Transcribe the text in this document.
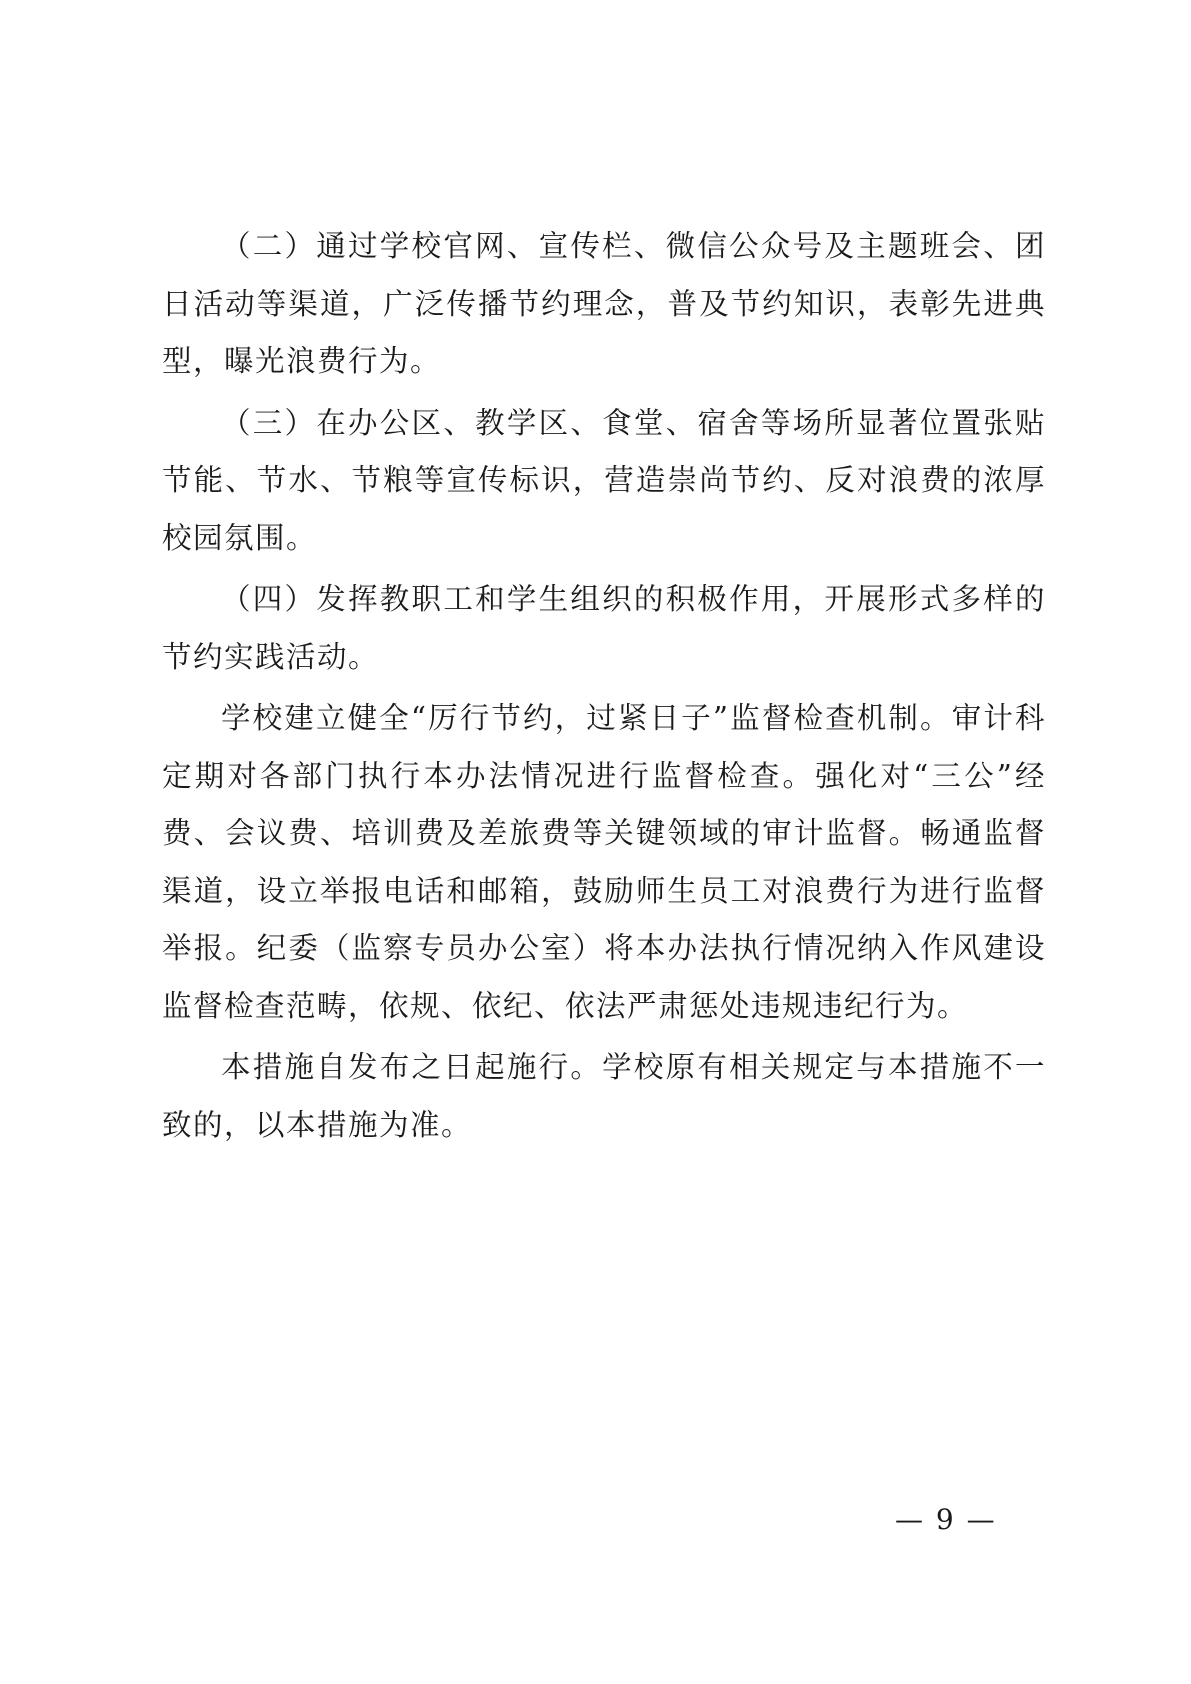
（二）通过学校官网、宣传栏、微信公众号及主题班会、团日活动等渠道，广泛传播节约理念，普及节约知识，表彰先进典型，曝光浪费行为。

（三）在办公区、教学区、食堂、宿舍等场所显著位置张贴节能、节水、节粮等宣传标识，营造崇尚节约、反对浪费的浓厚校园氛围。

（四）发挥教职工和学生组织的积极作用，开展形式多样的节约实践活动。

学校建立健全“厉行节约，过紧日子”监督检查机制。审计科定期对各部门执行本办法情况进行监督检查。强化对“三公”经费、会议费、培训费及差旅费等关键领域的审计监督。畅通监督渠道，设立举报电话和邮箱，鼓励师生员工对浪费行为进行监督举报。纪委（监察专员办公室）将本办法执行情况纳入作风建设监督检查范畴，依规、依纪、依法严肃惩处违规违纪行为。

本措施自发布之日起施行。学校原有相关规定与本措施不一致的，以本措施为准。

— 9 —
